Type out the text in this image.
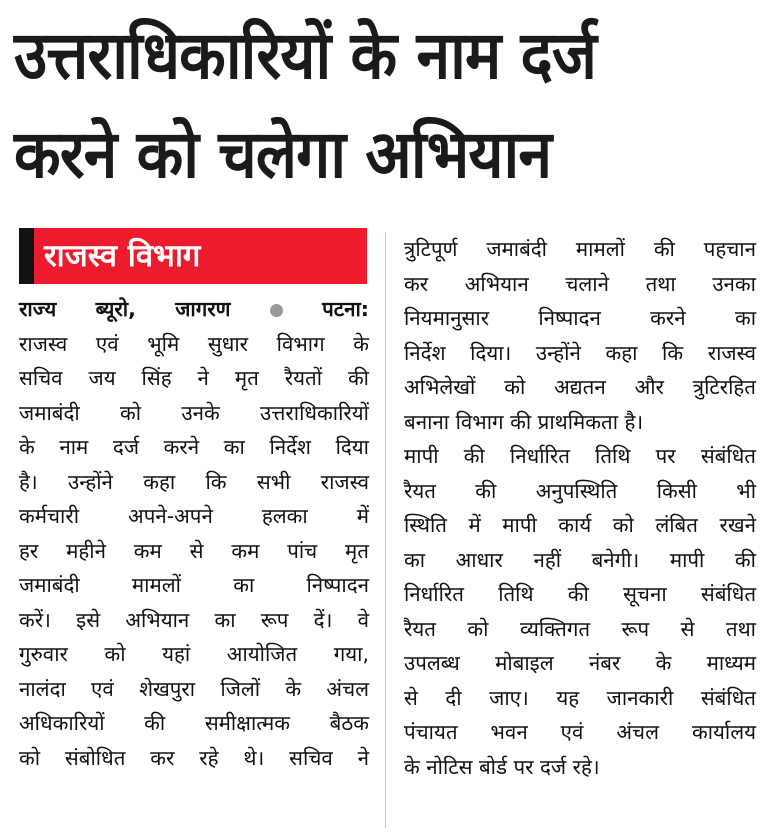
उत्तराधिकारियों के नाम दर्ज
करने को चलेगा अभियान
राजस्व विभाग
राज्य ब्यूरो, जागरण	पटना:
राजस्व एवं भूमि सुधार विभाग के
सचिव जय सिंह ने मृत रैयतों की
जमाबंदी को उनके उत्तराधिकारियों
के नाम दर्ज करने का निर्देश दिया
है। उन्होंने कहा कि सभी राजस्व
कर्मचारी अपने-अपने हलका में
हर महीने कम से कम पांच मृत
जमाबंदी मामलों का निष्पादन
करें। इसे अभियान का रूप दें। वे
गुरुवार को यहां आयोजित गया,
नालंदा एवं शेखपुरा जिलों के अंचल
अधिकारियों की समीक्षात्मक बैठक
को संबोधित कर रहे थे। सचिव ने
त्रुटिपूर्ण जमाबंदी मामलों की पहचान
कर अभियान चलाने तथा उनका
नियमानुसार निष्पादन करने का
निर्देश दिया। उन्होंने कहा कि राजस्व
अभिलेखों को अद्यतन और त्रुटिरहित
बनाना विभाग की प्राथमिकता है।
मापी की निर्धारित तिथि पर संबंधित
रैयत की अनुपस्थिति किसी भी
स्थिति में मापी कार्य को लंबित रखने
का आधार नहीं बनेगी। मापी की
निर्धारित तिथि की सूचना संबंधित
रैयत को व्यक्तिगत रूप से तथा
उपलब्ध मोबाइल नंबर के माध्यम
से दी जाए। यह जानकारी संबंधित
पंचायत भवन एवं अंचल कार्यालय
के नोटिस बोर्ड पर दर्ज रहे।
